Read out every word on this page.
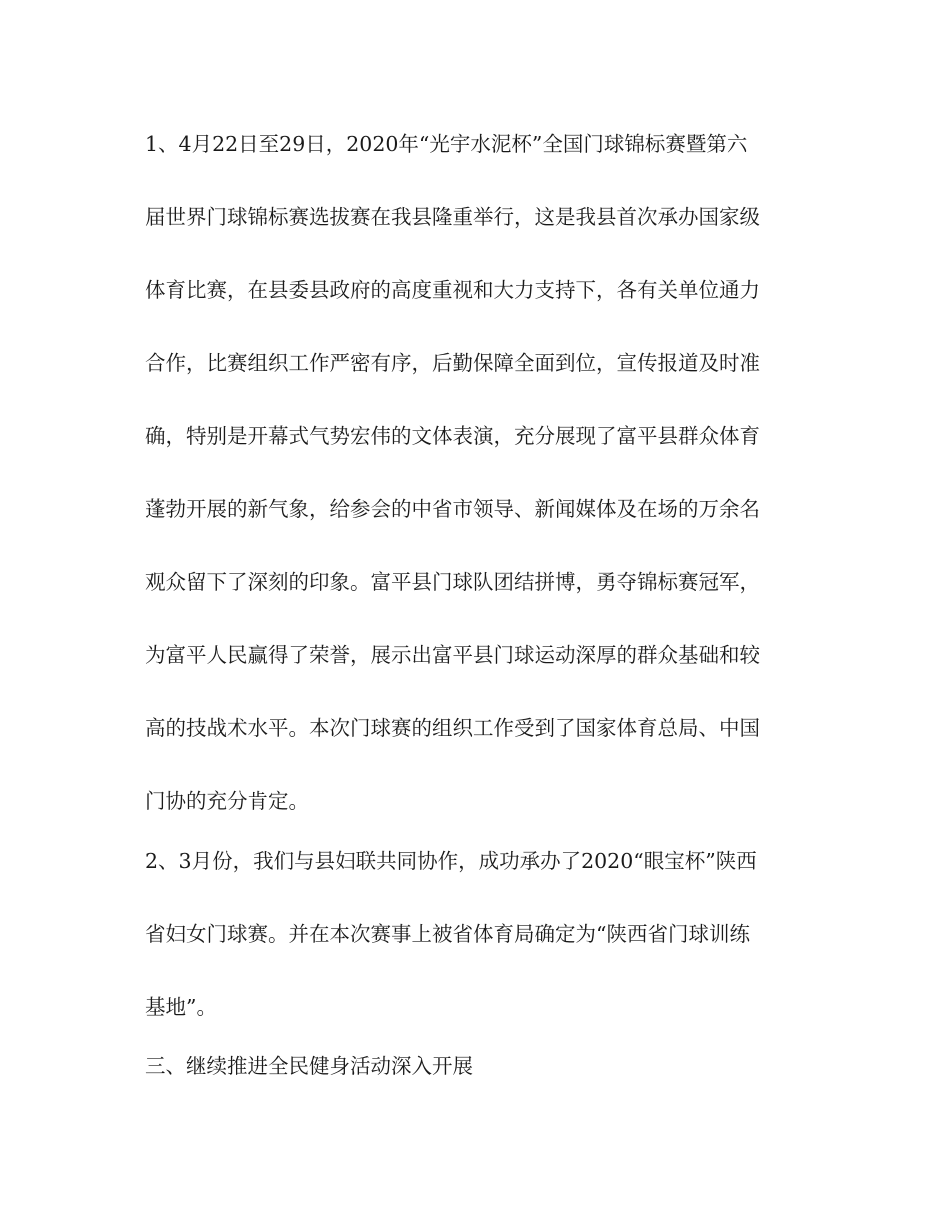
1、4月22日至29日，2020年“光宇水泥杯”全国门球锦标赛暨第六

届世界门球锦标赛选拔赛在我县隆重举行，这是我县首次承办国家级

体育比赛，在县委县政府的高度重视和大力支持下，各有关单位通力

合作，比赛组织工作严密有序，后勤保障全面到位，宣传报道及时准

确，特别是开幕式气势宏伟的文体表演，充分展现了富平县群众体育

蓬勃开展的新气象，给参会的中省市领导、新闻媒体及在场的万余名

观众留下了深刻的印象。富平县门球队团结拼博，勇夺锦标赛冠军，

为富平人民赢得了荣誉，展示出富平县门球运动深厚的群众基础和较

高的技战术水平。本次门球赛的组织工作受到了国家体育总局、中国

门协的充分肯定。

2、3月份，我们与县妇联共同协作，成功承办了2020“眼宝杯”陕西

省妇女门球赛。并在本次赛事上被省体育局确定为“陕西省门球训练

基地”。

三、继续推进全民健身活动深入开展
